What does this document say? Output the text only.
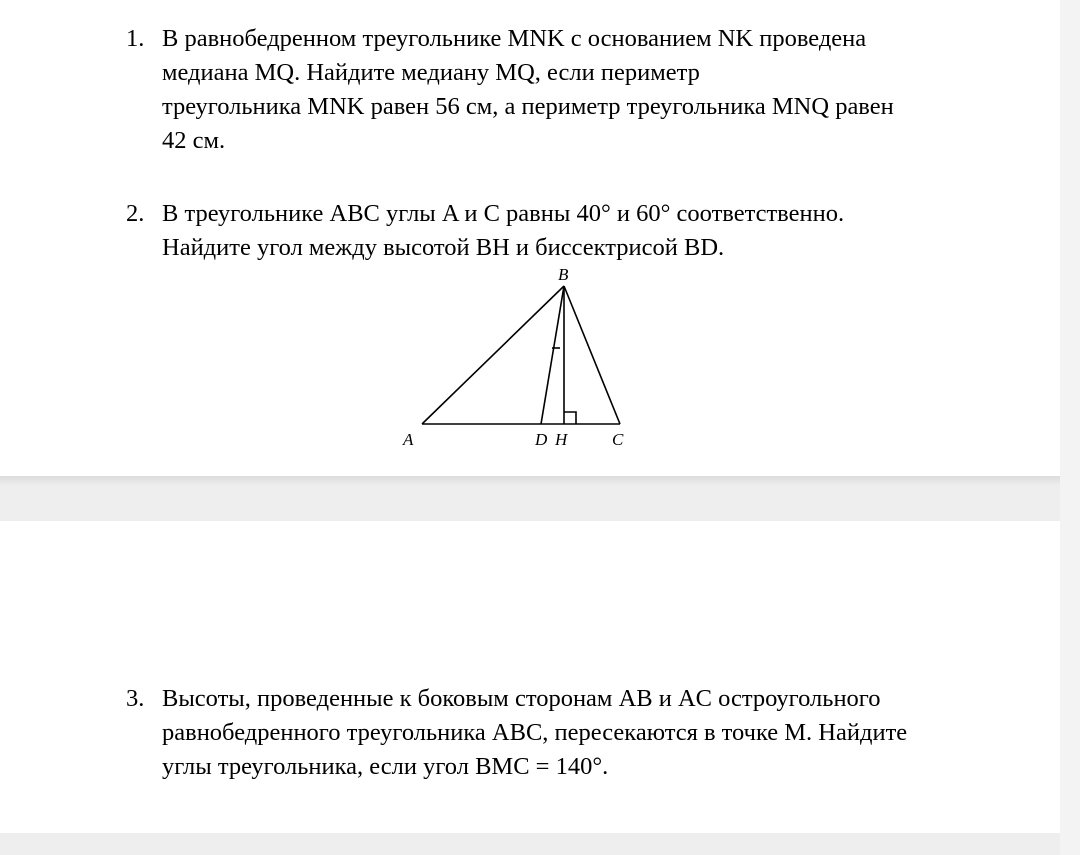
1. В равнобедренном треугольнике MNK с основанием NK проведена
медиана MQ. Найдите медиану MQ, если периметр
треугольника MNK равен 56 см, а периметр треугольника MNQ равен
42 см.
2. В треугольнике ABC углы A и C равны 40° и 60° соответственно.
Найдите угол между высотой BH и биссектрисой BD.
B
A	D H	C
3. Высоты, проведенные к боковым сторонам AB и AC остроугольного
равнобедренного треугольника ABC, пересекаются в точке M. Найдите
углы треугольника, если угол BMC = 140°.
